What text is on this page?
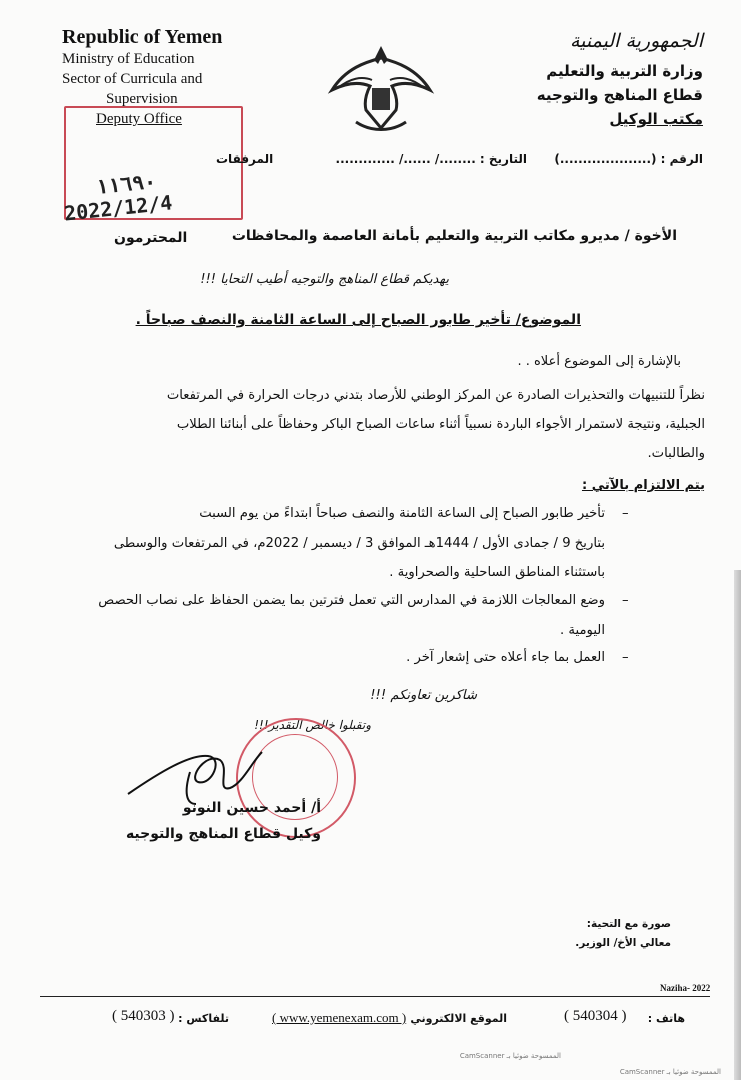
Republic of Yemen
Ministry of Education
Sector of Curricula and
Supervision
Deputy Office
١١٦٩٠
2022/12/4
الجمهورية اليمنية
وزارة التربية والتعليم
قطاع المناهج والتوجيه
مكتب الوكيل
الرقم : (....................)
التاريخ : ......../ ....../ .............
المرفقات
الأخوة / مديرو مكاتب التربية والتعليم بأمانة العاصمة والمحافظات
المحترمون
يهديكم قطاع المناهج والتوجيه أطيب التحايا !!!
الموضوع/ تأخير طابور الصباح إلى الساعة الثامنة والنصف صباحاً .
بالإشارة إلى الموضوع أعلاه . .
نظراً للتنبيهات والتحذيرات الصادرة عن المركز الوطني للأرصاد بتدني درجات الحرارة في المرتفعات
الجبلية، ونتيجة لاستمرار الأجواء الباردة نسبياً أثناء ساعات الصباح الباكر وحفاظاً على أبنائنا الطلاب
والطالبات.
يتم الالتزام بالآتي :
–
تأخير طابور الصباح إلى الساعة الثامنة والنصف صباحاً ابتداءً من يوم السبت
بتاريخ 9 / جمادى الأول / 1444هـ الموافق 3 / ديسمبر / 2022م، في المرتفعات والوسطى
باستثناء المناطق الساحلية والصحراوية .
–
وضع المعالجات اللازمة في المدارس التي تعمل فترتين بما يضمن الحفاظ على نصاب الحصص
اليومية .
–
العمل بما جاء أعلاه حتى إشعار آخر .
شاكرين تعاونكم !!!
وتقبلوا خالص التقدير!!!
أ/ أحمد حسين النونو
وكيل قطاع المناهج والتوجيه
صورة مع التحية:
معالي الأخ/ الوزير.
Naziha- 2022
هاتف :
( 540304 )
الموقع الالكتروني
( www.yemenexam.com )
تلفاكس :
( 540303 )
الممسوحة ضوئيا بـ CamScanner
الممسوحة ضوئيا بـ CamScanner
